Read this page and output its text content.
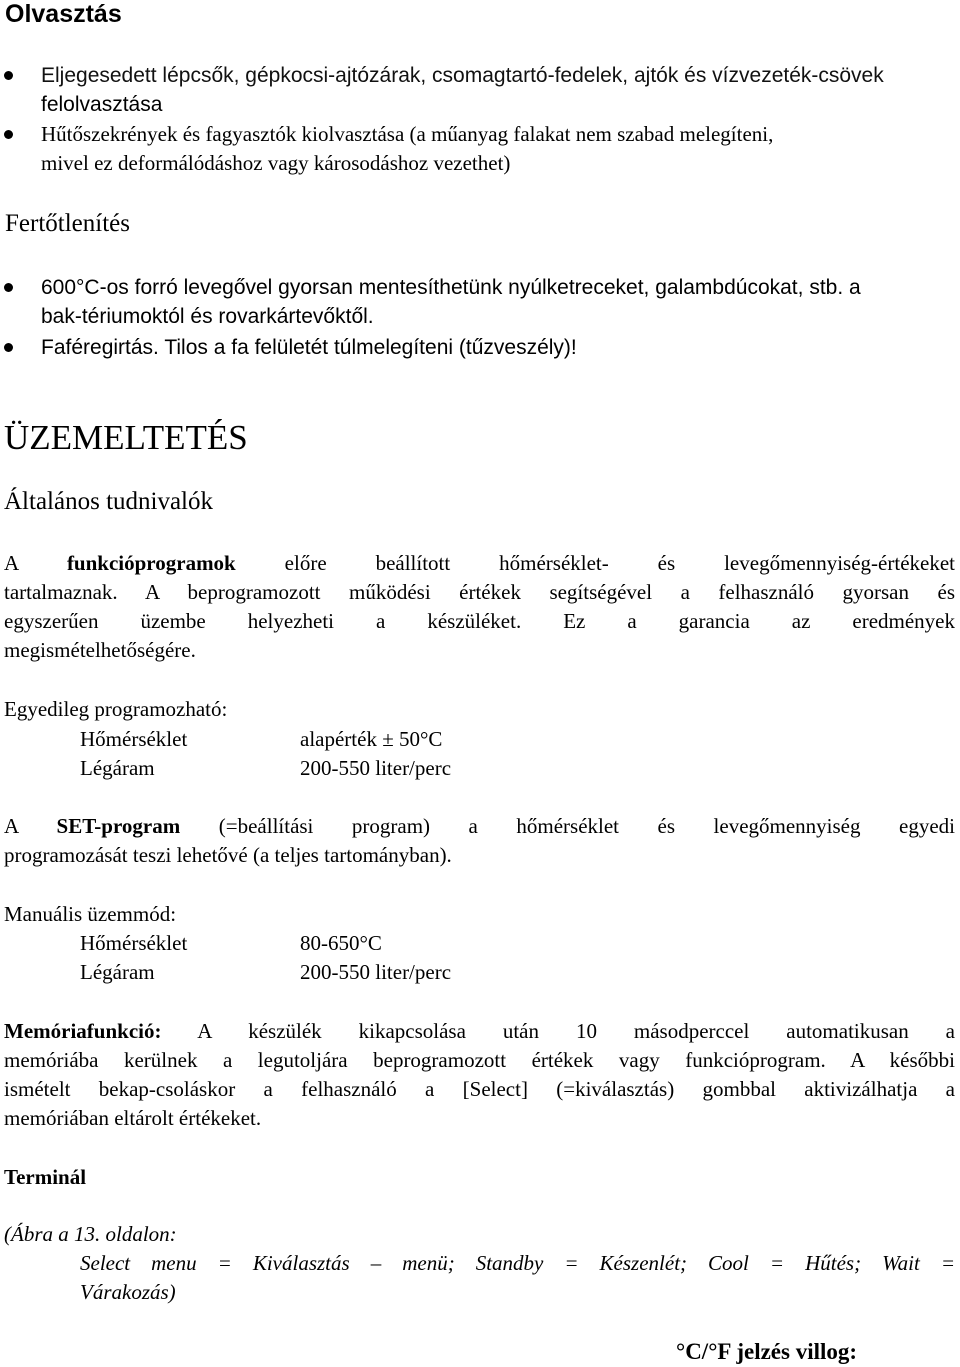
Olvasztás
Eljegesedett lépcsők, gépkocsi-ajtózárak, csomagtartó-fedelek, ajtók és vízvezeték-csövek
felolvasztása
Hűtőszekrények és fagyasztók kiolvasztása (a műanyag falakat nem szabad melegíteni,
mivel ez deformálódáshoz vagy károsodáshoz vezethet)
Fertőtlenítés
600°C-os forró levegővel gyorsan mentesíthetünk nyúlketreceket, galambdúcokat, stb. a
bak-tériumoktól és rovarkártevőktől.
Faféregirtás. Tilos a fa felületét túlmelegíteni (tűzveszély)!
ÜZEMELTETÉS
Általános tudnivalók
A funkcióprogramok előre beállított hőmérséklet- és levegőmennyiség-értékeket
tartalmaznak. A beprogramozott működési értékek segítségével a felhasználó gyorsan és
egyszerűen üzembe helyezheti a készüléket. Ez a garancia az eredmények
megismételhetőségére.
Egyedileg programozható:
Hőmérséklet	alapérték ± 50°C
Légáram	200-550 liter/perc
A SET-program (=beállítási program) a hőmérséklet és levegőmennyiség egyedi
programozását teszi lehetővé (a teljes tartományban).
Manuális üzemmód:
Hőmérséklet	80-650°C
Légáram	200-550 liter/perc
Memóriafunkció: A készülék kikapcsolása után 10 másodperccel automatikusan a
memóriába kerülnek a legutoljára beprogramozott értékek vagy funkcióprogram. A későbbi
ismételt bekap-csoláskor a felhasználó a [Select] (=kiválasztás) gombbal aktivizálhatja a
memóriában eltárolt értékeket.
Terminál
(Ábra a 13. oldalon:
Select menu = Kiválasztás – menü; Standby = Készenlét; Cool = Hűtés; Wait =
Várakozás)
°C/°F jelzés villog:
